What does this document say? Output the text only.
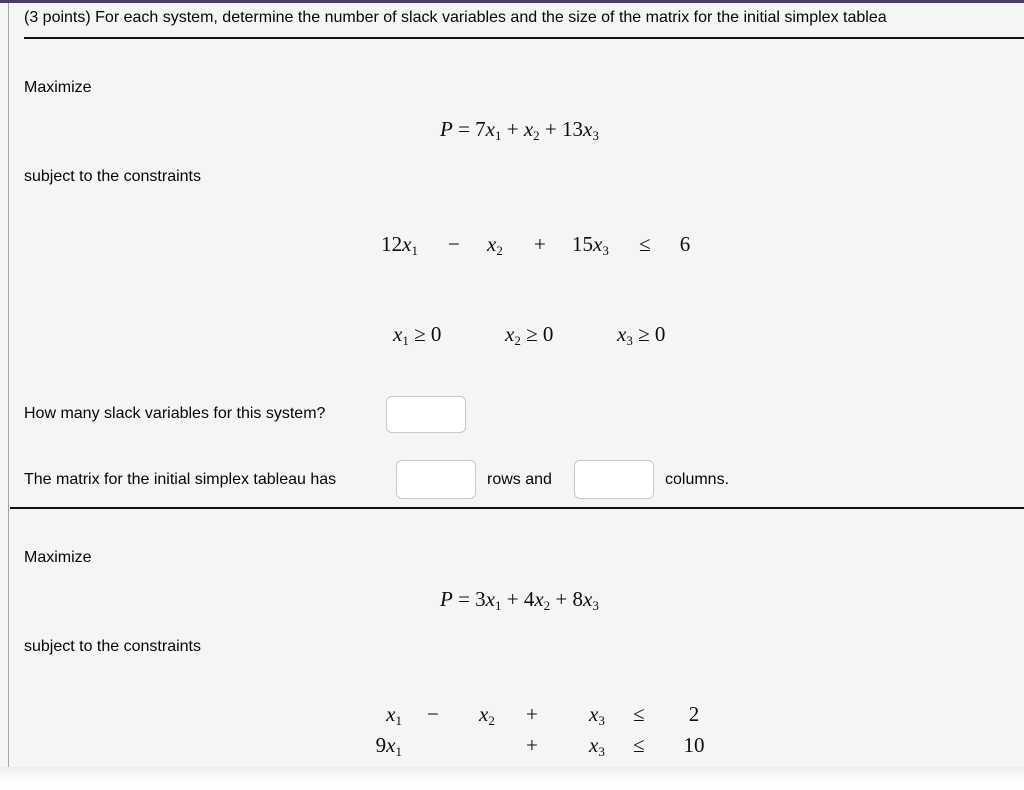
(3 points) For each system, determine the number of slack variables and the size of the matrix for the initial simplex tablea
Maximize
$P = 7x_1 + x_2 + 13x_3$
subject to the constraints
$12x_1 - x_2 + 15x_3$ ≤	6
$x_1 \ge 0$	$x_2 \ge 0$	$x_3 \ge 0$
How many slack variables for this system?
The matrix for the initial simplex tableau has	rows and	columns.
Maximize
$P = 3x_1 + 4x_2 + 8x_3$
subject to the constraints
$x_1 - x_2 + x_3$ ≤	2
$9x_1$	+ $x_3$ ≤	10
